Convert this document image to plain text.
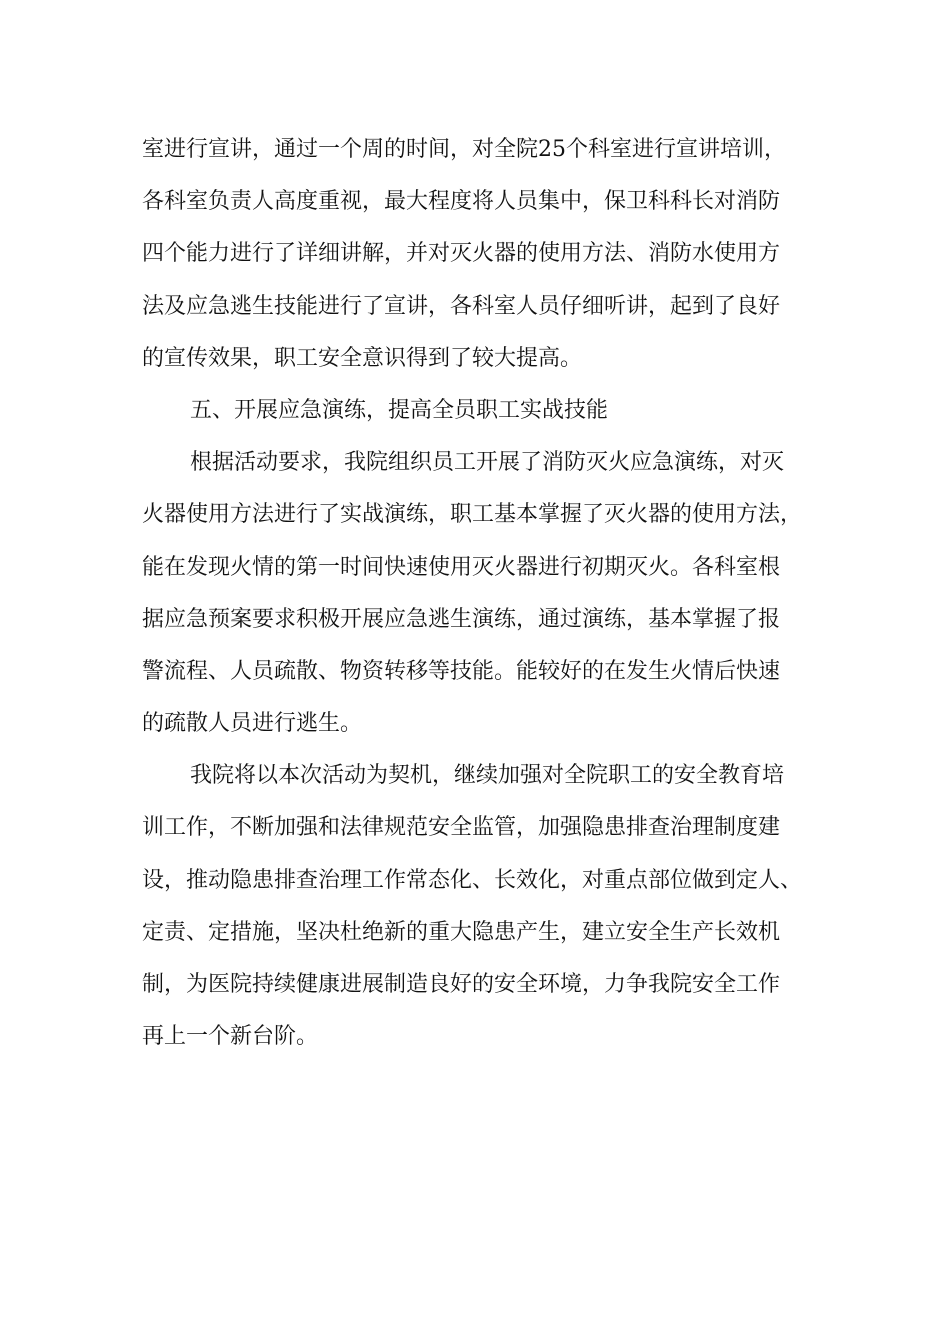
室进行宣讲，通过一个周的时间，对全院25个科室进行宣讲培训，
各科室负责人高度重视，最大程度将人员集中，保卫科科长对消防
四个能力进行了详细讲解，并对灭火器的使用方法、消防水使用方
法及应急逃生技能进行了宣讲，各科室人员仔细听讲，起到了良好
的宣传效果，职工安全意识得到了较大提高。
五、开展应急演练，提高全员职工实战技能
根据活动要求，我院组织员工开展了消防灭火应急演练，对灭
火器使用方法进行了实战演练，职工基本掌握了灭火器的使用方法，
能在发现火情的第一时间快速使用灭火器进行初期灭火。各科室根
据应急预案要求积极开展应急逃生演练，通过演练，基本掌握了报
警流程、人员疏散、物资转移等技能。能较好的在发生火情后快速
的疏散人员进行逃生。
我院将以本次活动为契机，继续加强对全院职工的安全教育培
训工作，不断加强和法律规范安全监管，加强隐患排查治理制度建
设，推动隐患排查治理工作常态化、长效化，对重点部位做到定人、
定责、定措施，坚决杜绝新的重大隐患产生，建立安全生产长效机
制，为医院持续健康进展制造良好的安全环境，力争我院安全工作
再上一个新台阶。
